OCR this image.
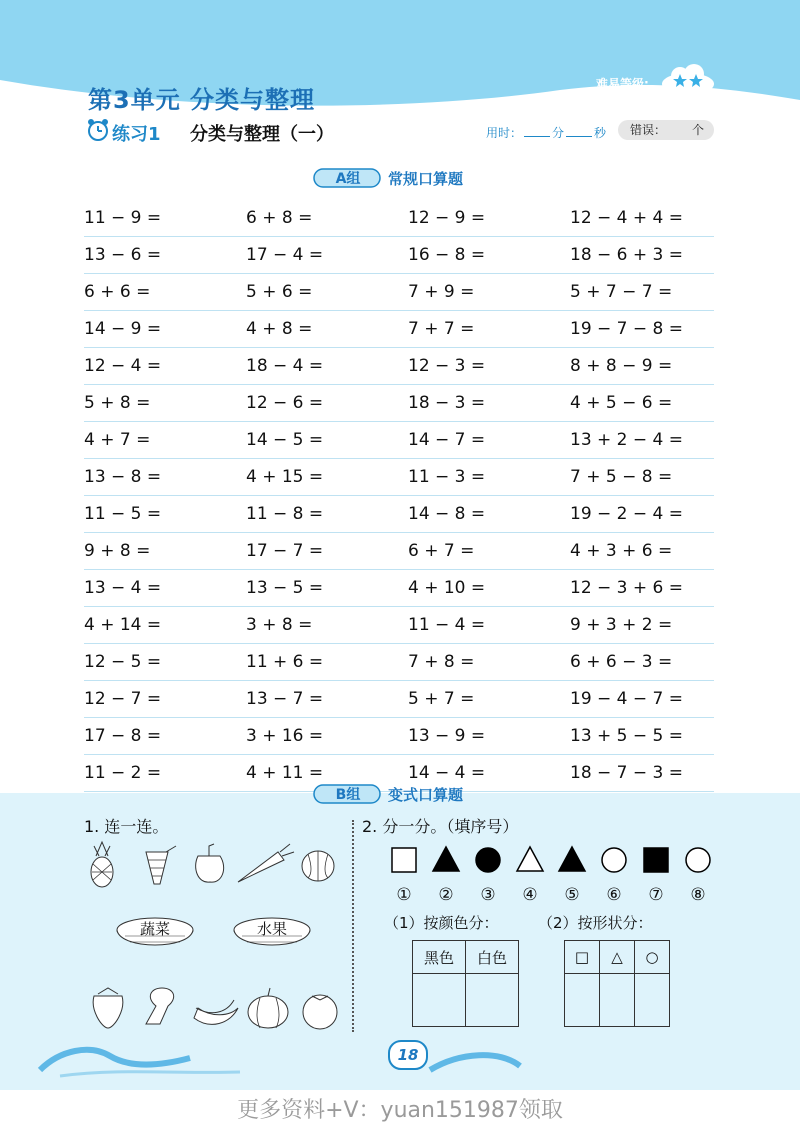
第3单元 分类与整理
难易等级:
练习1 分类与整理（一）	用时：	分	秒	错误： 个
A组 常规口算题
11 − 9 =	6 + 8 =	12 − 9 =	12 − 4 + 4 =
13 − 6 =	17 − 4 =	16 − 8 =	18 − 6 + 3 =
6 + 6 =	5 + 6 =	7 + 9 =	5 + 7 − 7 =
14 − 9 =	4 + 8 =	7 + 7 =	19 − 7 − 8 =
12 − 4 =	18 − 4 =	12 − 3 =	8 + 8 − 9 =
5 + 8 =	12 − 6 =	18 − 3 =	4 + 5 − 6 =
4 + 7 =	14 − 5 =	14 − 7 =	13 + 2 − 4 =
13 − 8 =	4 + 15 =	11 − 3 =	7 + 5 − 8 =
11 − 5 =	11 − 8 =	14 − 8 =	19 − 2 − 4 =
9 + 8 =	17 − 7 =	6 + 7 =	4 + 3 + 6 =
13 − 4 =	13 − 5 =	4 + 10 =	12 − 3 + 6 =
4 + 14 =	3 + 8 =	11 − 4 =	9 + 3 + 2 =
12 − 5 =	11 + 6 =	7 + 8 =	6 + 6 − 3 =
12 − 7 =	13 − 7 =	5 + 7 =	19 − 4 − 7 =
17 − 8 =	3 + 16 =	13 − 9 =	13 + 5 − 5 =
11 − 2 =	4 + 11 =	14 − 4 =	18 − 7 − 3 =
B组 变式口算题
1. 连一连。
蔬菜	水果
2. 分一分。（填序号）
① ② ③ ④ ⑤ ⑥ ⑦ ⑧
（1）按颜色分：	（2）按形状分：
黑色	白色
		□	△	○

18
更多资料+V：yuan151987领取
